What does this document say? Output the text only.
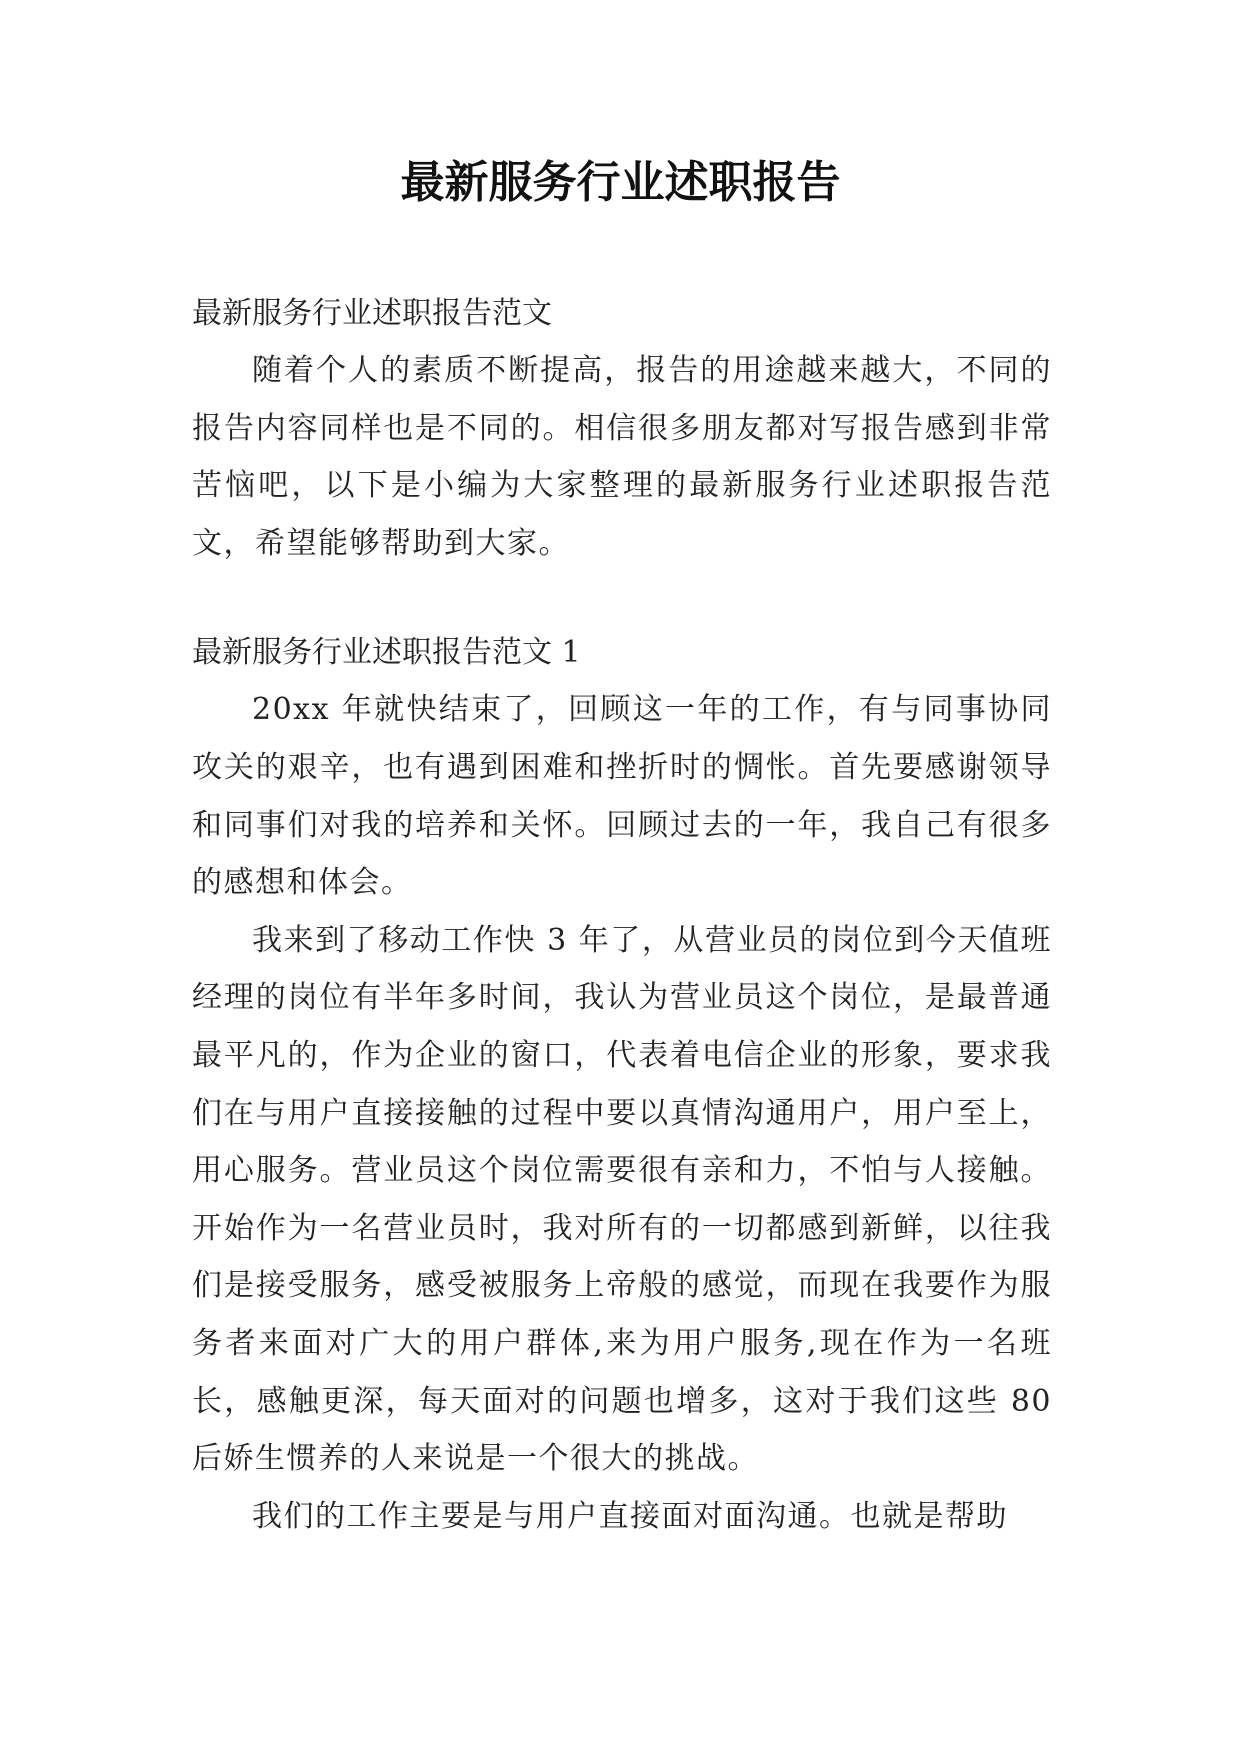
最新服务行业述职报告

最新服务行业述职报告范文

随着个人的素质不断提高，报告的用途越来越大，不同的报告内容同样也是不同的。相信很多朋友都对写报告感到非常苦恼吧，以下是小编为大家整理的最新服务行业述职报告范文，希望能够帮助到大家。

最新服务行业述职报告范文 1

20xx 年就快结束了，回顾这一年的工作，有与同事协同攻关的艰辛，也有遇到困难和挫折时的惆怅。首先要感谢领导和同事们对我的培养和关怀。回顾过去的一年，我自己有很多的感想和体会。

我来到了移动工作快 3 年了，从营业员的岗位到今天值班经理的岗位有半年多时间，我认为营业员这个岗位，是最普通最平凡的，作为企业的窗口，代表着电信企业的形象，要求我们在与用户直接接触的过程中要以真情沟通用户，用户至上，用心服务。营业员这个岗位需要很有亲和力，不怕与人接触。开始作为一名营业员时，我对所有的一切都感到新鲜，以往我们是接受服务，感受被服务上帝般的感觉，而现在我要作为服务者来面对广大的用户群体,来为用户服务,现在作为一名班长，感触更深，每天面对的问题也增多，这对于我们这些 80 后娇生惯养的人来说是一个很大的挑战。

我们的工作主要是与用户直接面对面沟通。也就是帮助
